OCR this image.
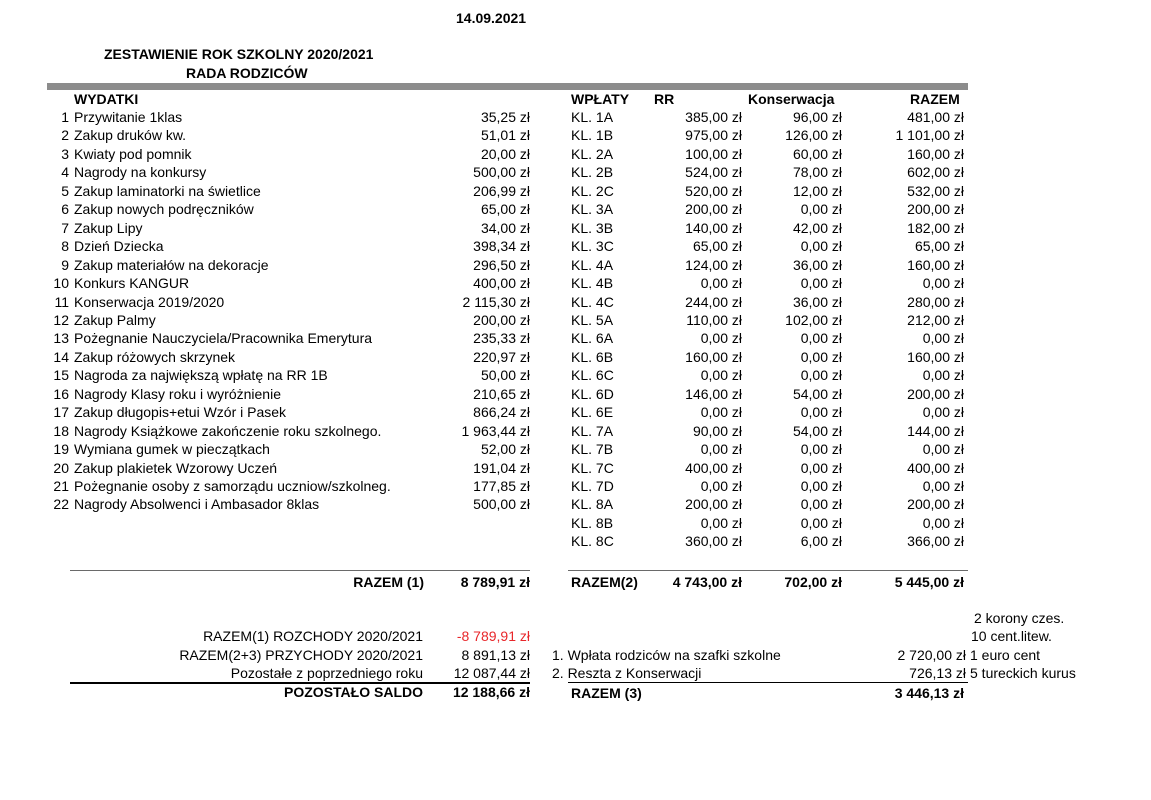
14.09.2021
ZESTAWIENIE ROK SZKOLNY 2020/2021
RADA RODZICÓW
WYDATKI	WPŁATY RR	Konserwacja	RAZEM
1 Przywitanie 1klas	35,25 zł
2 Zakup druków kw.	51,01 zł
3 Kwiaty pod pomnik	20,00 zł
4 Nagrody na konkursy	500,00 zł
5 Zakup laminatorki na świetlice	206,99 zł
6 Zakup nowych podręczników	65,00 zł
7 Zakup Lipy	34,00 zł
8 Dzień Dziecka	398,34 zł
9 Zakup materiałów na dekoracje	296,50 zł
10 Konkurs KANGUR	400,00 zł
11 Konserwacja 2019/2020	2 115,30 zł
12 Zakup Palmy	200,00 zł
13 Pożegnanie Nauczyciela/Pracownika Emerytura	235,33 zł
14 Zakup różowych skrzynek	220,97 zł
15 Nagroda za największą wpłatę na RR 1B	50,00 zł
16 Nagrody Klasy roku i wyróżnienie	210,65 zł
17 Zakup długopis+etui Wzór i Pasek	866,24 zł
18 Nagrody Książkowe zakończenie roku szkolnego.	1 963,44 zł
19 Wymiana gumek w pieczątkach	52,00 zł
20 Zakup plakietek Wzorowy Uczeń	191,04 zł
21 Pożegnanie osoby z samorządu uczniow/szkolneg.	177,85 zł
22 Nagrody Absolwenci i Ambasador 8klas	500,00 zł
KL. 1A	385,00 zł	96,00 zł	481,00 zł
KL. 1B	975,00 zł	126,00 zł	1 101,00 zł
KL. 2A	100,00 zł	60,00 zł	160,00 zł
KL. 2B	524,00 zł	78,00 zł	602,00 zł
KL. 2C	520,00 zł	12,00 zł	532,00 zł
KL. 3A	200,00 zł	0,00 zł	200,00 zł
KL. 3B	140,00 zł	42,00 zł	182,00 zł
KL. 3C	65,00 zł	0,00 zł	65,00 zł
KL. 4A	124,00 zł	36,00 zł	160,00 zł
KL. 4B	0,00 zł	0,00 zł	0,00 zł
KL. 4C	244,00 zł	36,00 zł	280,00 zł
KL. 5A	110,00 zł	102,00 zł	212,00 zł
KL. 6A	0,00 zł	0,00 zł	0,00 zł
KL. 6B	160,00 zł	0,00 zł	160,00 zł
KL. 6C	0,00 zł	0,00 zł	0,00 zł
KL. 6D	146,00 zł	54,00 zł	200,00 zł
KL. 6E	0,00 zł	0,00 zł	0,00 zł
KL. 7A	90,00 zł	54,00 zł	144,00 zł
KL. 7B	0,00 zł	0,00 zł	0,00 zł
KL. 7C	400,00 zł	0,00 zł	400,00 zł
KL. 7D	0,00 zł	0,00 zł	0,00 zł
KL. 8A	200,00 zł	0,00 zł	200,00 zł
KL. 8B	0,00 zł	0,00 zł	0,00 zł
KL. 8C	360,00 zł	6,00 zł	366,00 zł
RAZEM (1)	8 789,91 zł	RAZEM(2)	4 743,00 zł	702,00 zł	5 445,00 zł
2 korony czes.
10 cent.litew.
1 euro cent
5 tureckich kurus
RAZEM(1) ROZCHODY 2020/2021	-8 789,91 zł
RAZEM(2+3) PRZYCHODY 2020/2021	8 891,13 zł
Pozostałe z poprzedniego roku	12 087,44 zł
POZOSTAŁO SALDO	12 188,66 zł
1. Wpłata rodziców na szafki szkolne	2 720,00 zł
2. Reszta z Konserwacji	726,13 zł
RAZEM (3)	3 446,13 zł
